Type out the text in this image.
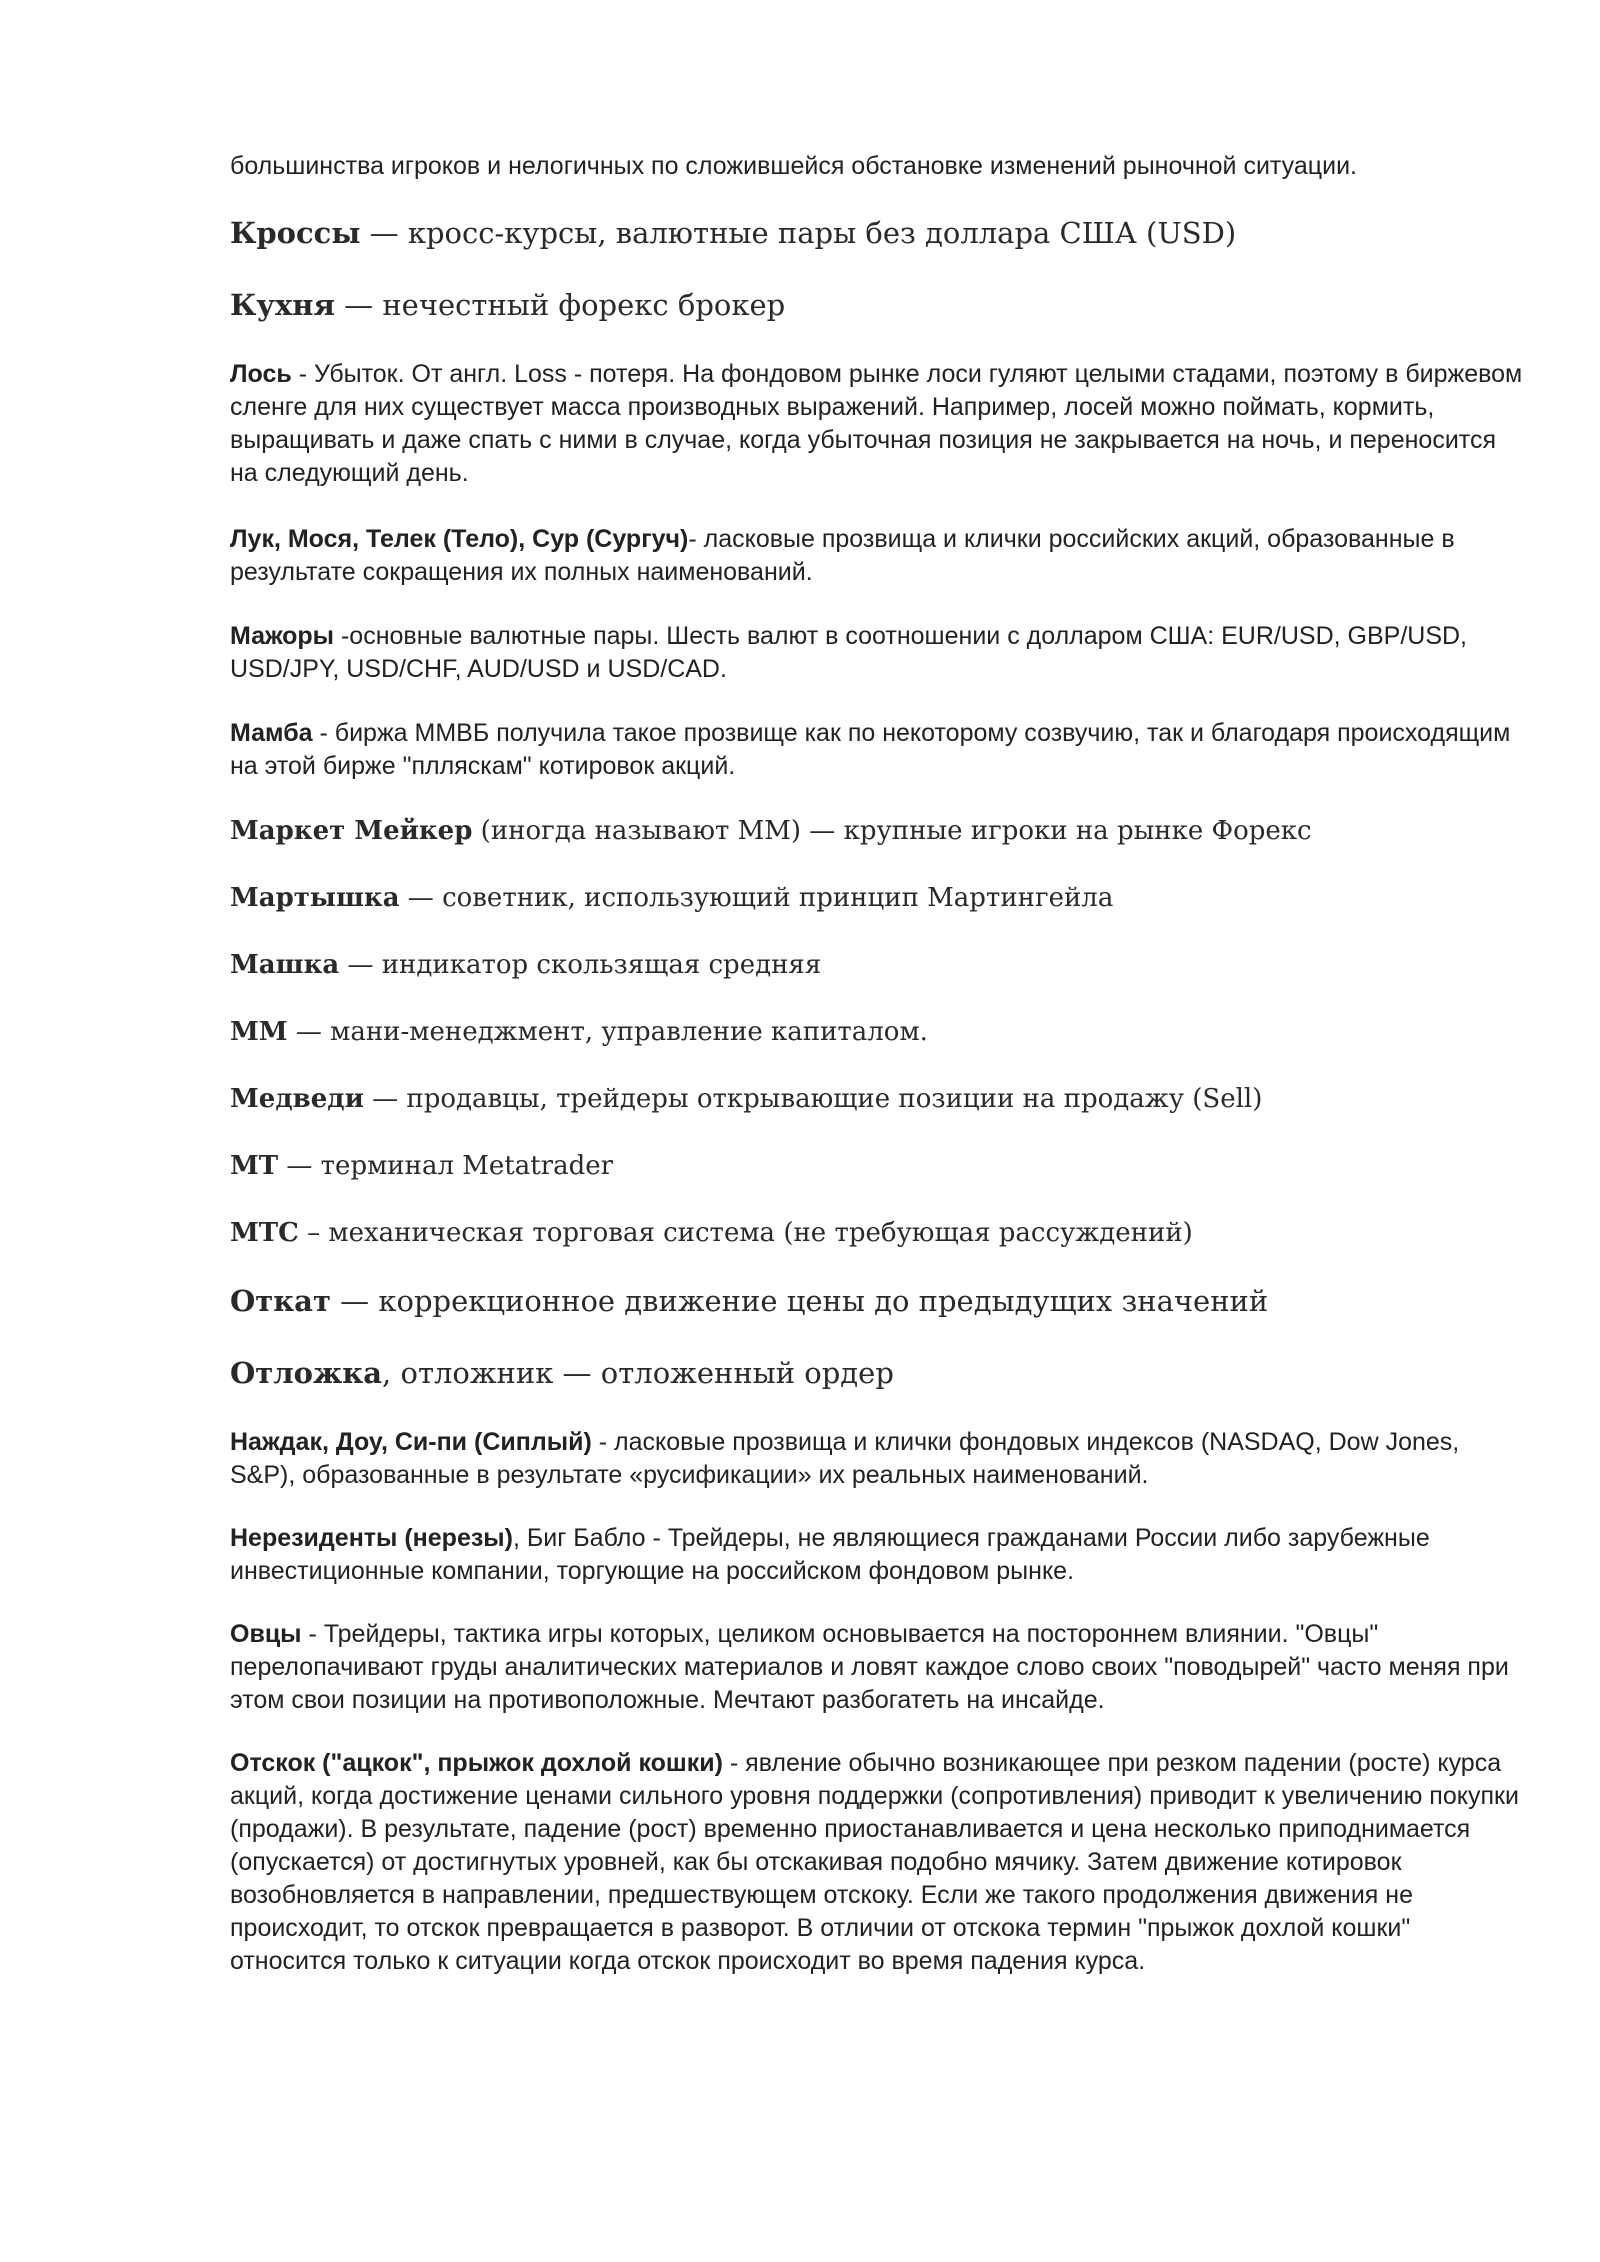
большинства игроков и нелогичных по сложившейся обстановке изменений рыночной ситуации.

Кроссы — кросс-курсы, валютные пары без доллара США (USD)

Кухня — нечестный форекс брокер

Лось - Убыток. От англ. Loss - потеря. На фондовом рынке лоси гуляют целыми стадами, поэтому в биржевом сленге для них существует масса производных выражений. Например, лосей можно поймать, кормить, выращивать и даже спать с ними в случае, когда убыточная позиция не закрывается на ночь, и переносится на следующий день.

Лук, Мося, Телек (Тело), Сур (Сургуч)- ласковые прозвища и клички российских акций, образованные в результате сокращения их полных наименований.

Мажоры -основные валютные пары. Шесть валют в соотношении с долларом США: EUR/USD, GBP/USD, USD/JPY, USD/CHF, AUD/USD и USD/CAD.

Мамба - биржа ММВБ получила такое прозвище как по некоторому созвучию, так и благодаря происходящим на этой бирже "плляскам" котировок акций.

Маркет Мейкер (иногда называют ММ) — крупные игроки на рынке Форекс

Мартышка — советник, использующий принцип Мартингейла

Машка — индикатор скользящая средняя

ММ — мани-менеджмент, управление капиталом.

Медведи — продавцы, трейдеры открывающие позиции на продажу (Sell)

МТ — терминал Metatrader

МТС – механическая торговая система (не требующая рассуждений)

Откат — коррекционное движение цены до предыдущих значений

Отложка, отложник — отложенный ордер

Наждак, Доу, Си-пи (Сиплый) - ласковые прозвища и клички фондовых индексов (NASDAQ, Dow Jones, S&P), образованные в результате «русификации» их реальных наименований.

Нерезиденты (нерезы), Биг Бабло - Трейдеры, не являющиеся гражданами России либо зарубежные инвестиционные компании, торгующие на российском фондовом рынке.

Овцы - Трейдеры, тактика игры которых, целиком основывается на постороннем влиянии. "Овцы" перелопачивают груды аналитических материалов и ловят каждое слово своих "поводырей" часто меняя при этом свои позиции на противоположные. Мечтают разбогатеть на инсайде.

Отскок ("ацкок", прыжок дохлой кошки) - явление обычно возникающее при резком падении (росте) курса акций, когда достижение ценами сильного уровня поддержки (сопротивления) приводит к увеличению покупки (продажи). В результате, падение (рост) временно приостанавливается и цена несколько приподнимается (опускается) от достигнутых уровней, как бы отскакивая подобно мячику. Затем движение котировок возобновляется в направлении, предшествующем отскоку. Если же такого продолжения движения не происходит, то отскок превращается в разворот. В отличии от отскока термин "прыжок дохлой кошки" относится только к ситуации когда отскок происходит во время падения курса.
